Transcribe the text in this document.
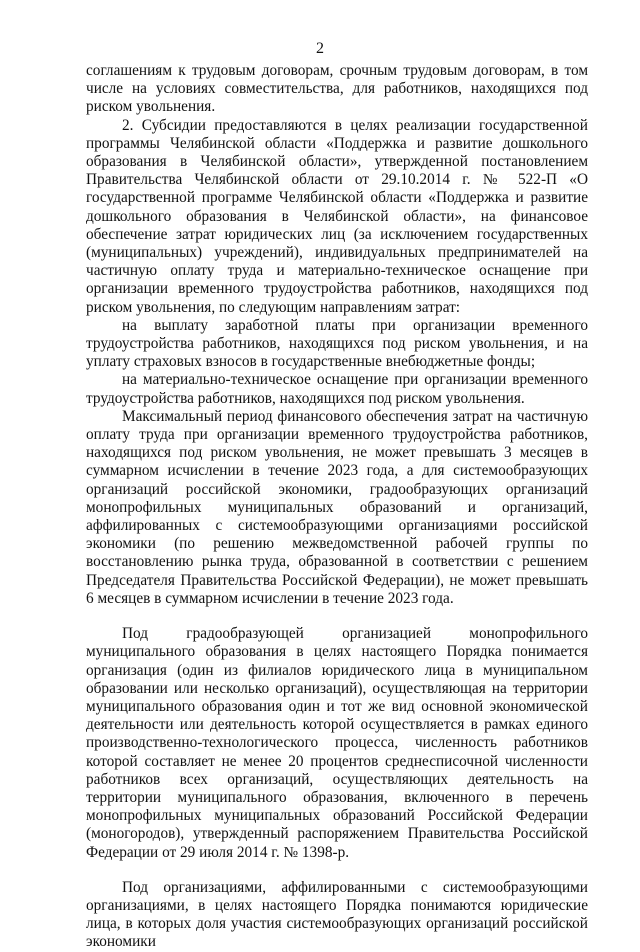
2

соглашениям к трудовым договорам, срочным трудовым договорам, в том числе на условиях совместительства, для работников, находящихся под риском увольнения.

2. Субсидии предоставляются в целях реализации государственной программы Челябинской области «Поддержка и развитие дошкольного образования в Челябинской области», утвержденной постановлением Правительства Челябинской области от 29.10.2014 г. № 522-П «О государственной программе Челябинской области «Поддержка и развитие дошкольного образования в Челябинской области», на финансовое обеспечение затрат юридических лиц (за исключением государственных (муниципальных) учреждений), индивидуальных предпринимателей на частичную оплату труда и материально-техническое оснащение при организации временного трудоустройства работников, находящихся под риском увольнения, по следующим направлениям затрат:

на выплату заработной платы при организации временного трудоустройства работников, находящихся под риском увольнения, и на уплату страховых взносов в государственные внебюджетные фонды;

на материально-техническое оснащение при организации временного трудоустройства работников, находящихся под риском увольнения.

Максимальный период финансового обеспечения затрат на частичную оплату труда при организации временного трудоустройства работников, находящихся под риском увольнения, не может превышать 3 месяцев в суммарном исчислении в течение 2023 года, а для системообразующих организаций российской экономики, градообразующих организаций монопрофильных муниципальных образований и организаций, аффилированных с системообразующими организациями российской экономики (по решению межведомственной рабочей группы по восстановлению рынка труда, образованной в соответствии с решением Председателя Правительства Российской Федерации), не может превышать 6 месяцев в суммарном исчислении в течение 2023 года.

Под градообразующей организацией монопрофильного муниципального образования в целях настоящего Порядка понимается организация (один из филиалов юридического лица в муниципальном образовании или несколько организаций), осуществляющая на территории муниципального образования один и тот же вид основной экономической деятельности или деятельность которой осуществляется в рамках единого производственно-технологического процесса, численность работников которой составляет не менее 20 процентов среднесписочной численности работников всех организаций, осуществляющих деятельность на территории муниципального образования, включенного в перечень монопрофильных муниципальных образований Российской Федерации (моногородов), утвержденный распоряжением Правительства Российской Федерации от 29 июля 2014 г. № 1398-р.

Под организациями, аффилированными с системообразующими организациями, в целях настоящего Порядка понимаются юридические лица, в которых доля участия системообразующих организаций российской экономики
